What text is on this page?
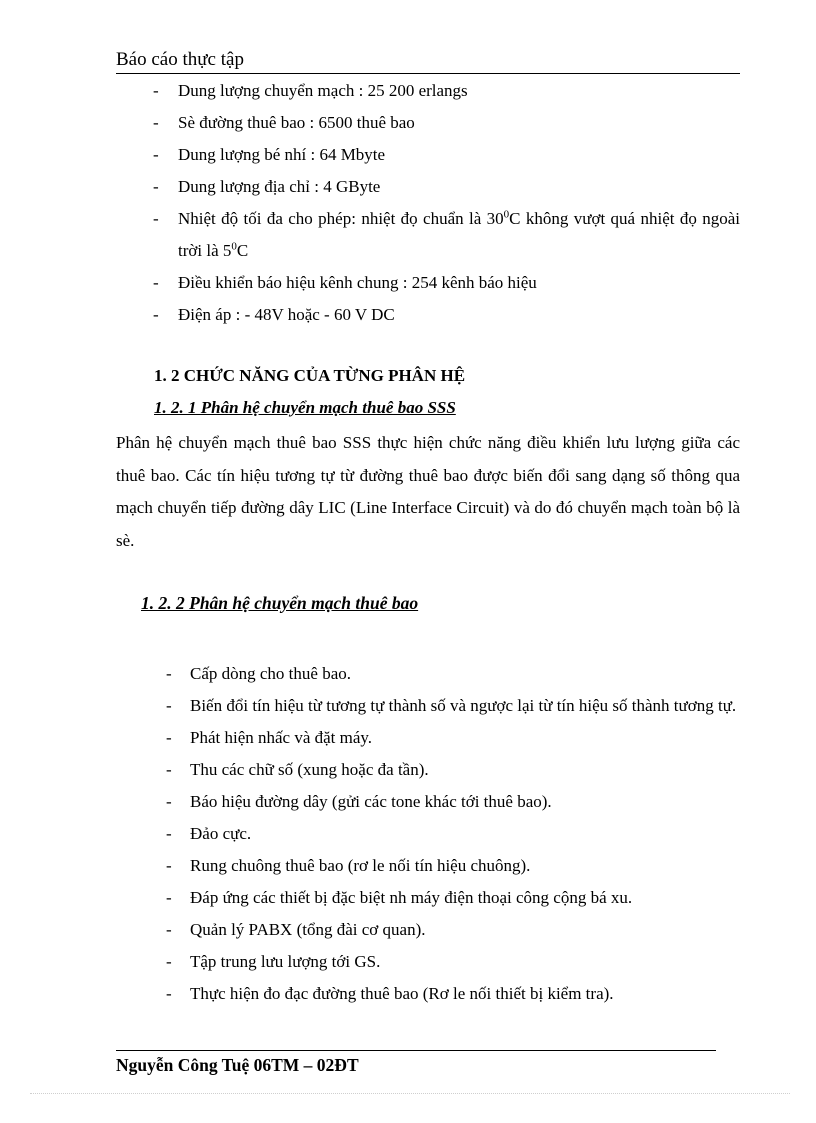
Báo cáo thực tập
- Dung lượng chuyển mạch : 25 200 erlangs
- Sè đường thuê bao : 6500 thuê bao
- Dung lượng bé nhí : 64 Mbyte
- Dung lượng địa chỉ : 4 GByte
- Nhiệt độ tối đa cho phép: nhiệt đọ chuẩn là $30^0C$ không vượt quá nhiệt đọ ngoài trời là $5^0C$
- Điều khiển báo hiệu kênh chung : 254 kênh báo hiệu
- Điện áp : - 48V hoặc - 60 V DC
1. 2 CHỨC NĂNG CỦA TỪNG PHÂN HỆ
1. 2. 1 Phân hệ chuyển mạch thuê bao SSS

Phân hệ chuyển mạch thuê bao SSS thực hiện chức năng điều khiển lưu lượng giữa các thuê bao. Các tín hiệu tương tự từ đường thuê bao được biến đổi sang dạng số thông qua mạch chuyển tiếp đường dây LIC (Line Interface Circuit) và do đó chuyển mạch toàn bộ là sè.

1. 2. 2 Phân hệ chuyển mạch thuê bao
- Cấp dòng cho thuê bao.
- Biến đổi tín hiệu từ tương tự thành số và ngược lại từ tín hiệu số thành tương tự.
- Phát hiện nhấc và đặt máy.
- Thu các chữ số (xung hoặc đa tần).
- Báo hiệu đường dây (gửi các tone khác tới thuê bao).
- Đảo cực.
- Rung chuông thuê bao (rơ le nối tín hiệu chuông).
- Đáp ứng các thiết bị đặc biệt nh máy điện thoại công cộng bá xu.
- Quản lý PABX (tổng đài cơ quan).
- Tập trung lưu lượng tới GS.
- Thực hiện đo đạc đường thuê bao (Rơ le nối thiết bị kiểm tra).
Nguyễn Công Tuệ 06TM – 02ĐT
